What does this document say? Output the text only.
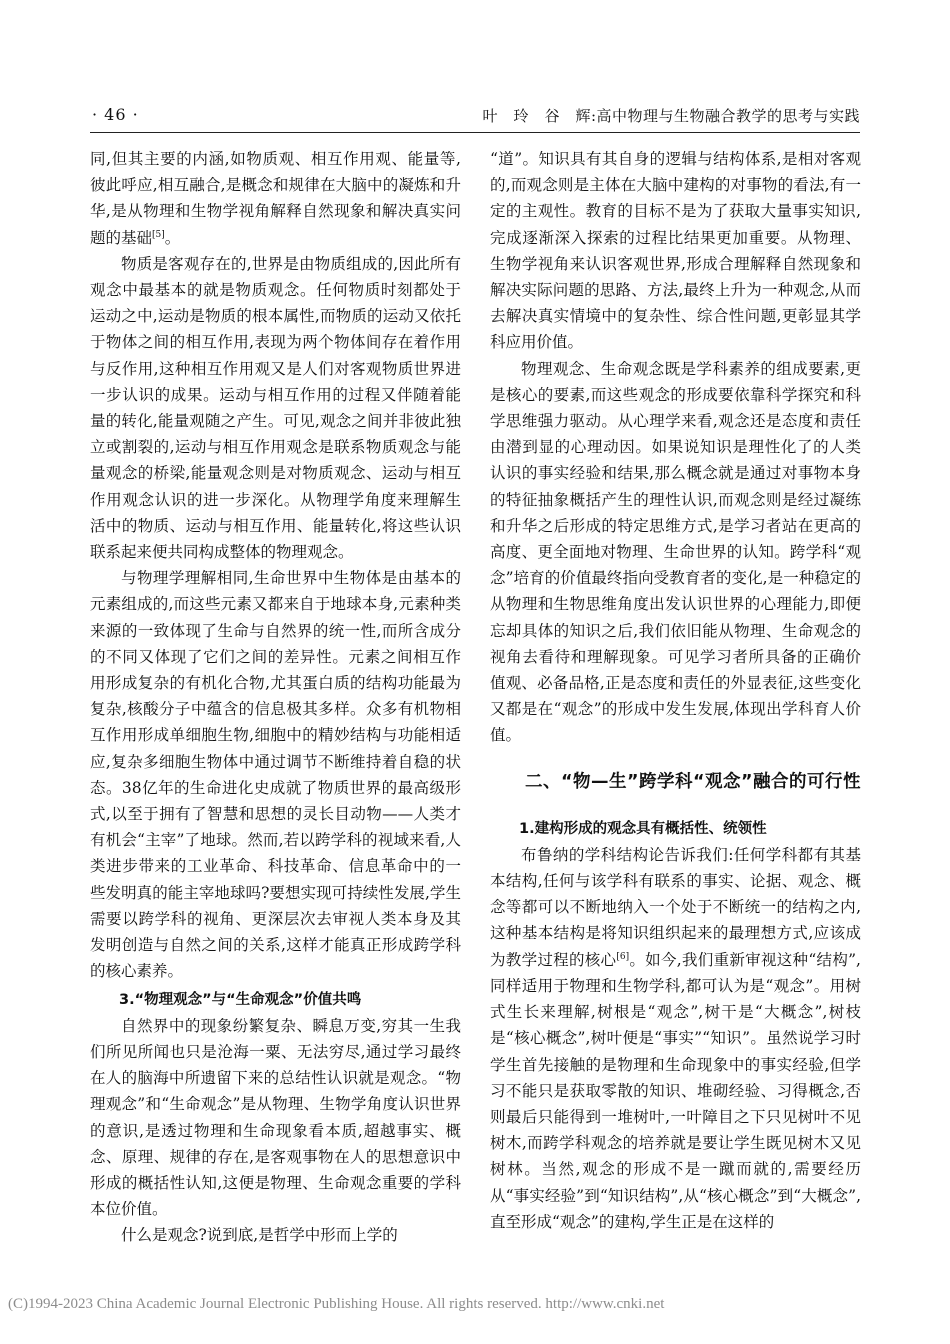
· 46 ·	叶　玲　谷　辉:高中物理与生物融合教学的思考与实践

同,但其主要的内涵,如物质观、相互作用观、能量等,彼此呼应,相互融合,是概念和规律在大脑中的凝炼和升华,是从物理和生物学视角解释自然现象和解决真实问题的基础[5]。

物质是客观存在的,世界是由物质组成的,因此所有观念中最基本的就是物质观念。任何物质时刻都处于运动之中,运动是物质的根本属性,而物质的运动又依托于物体之间的相互作用,表现为两个物体间存在着作用与反作用,这种相互作用观又是人们对客观物质世界进一步认识的成果。运动与相互作用的过程又伴随着能量的转化,能量观随之产生。可见,观念之间并非彼此独立或割裂的,运动与相互作用观念是联系物质观念与能量观念的桥梁,能量观念则是对物质观念、运动与相互作用观念认识的进一步深化。从物理学角度来理解生活中的物质、运动与相互作用、能量转化,将这些认识联系起来便共同构成整体的物理观念。

与物理学理解相同,生命世界中生物体是由基本的元素组成的,而这些元素又都来自于地球本身,元素种类来源的一致体现了生命与自然界的统一性,而所含成分的不同又体现了它们之间的差异性。元素之间相互作用形成复杂的有机化合物,尤其蛋白质的结构功能最为复杂,核酸分子中蕴含的信息极其多样。众多有机物相互作用形成单细胞生物,细胞中的精妙结构与功能相适应,复杂多细胞生物体中通过调节不断维持着自稳的状态。38亿年的生命进化史成就了物质世界的最高级形式,以至于拥有了智慧和思想的灵长目动物——人类才有机会“主宰”了地球。然而,若以跨学科的视域来看,人类进步带来的工业革命、科技革命、信息革命中的一些发明真的能主宰地球吗?要想实现可持续性发展,学生需要以跨学科的视角、更深层次去审视人类本身及其发明创造与自然之间的关系,这样才能真正形成跨学科的核心素养。

3.“物理观念”与“生命观念”价值共鸣

自然界中的现象纷繁复杂、瞬息万变,穷其一生我们所见所闻也只是沧海一粟、无法穷尽,通过学习最终在人的脑海中所遗留下来的总结性认识就是观念。“物理观念”和“生命观念”是从物理、生物学角度认识世界的意识,是透过物理和生命现象看本质,超越事实、概念、原理、规律的存在,是客观事物在人的思想意识中形成的概括性认知,这便是物理、生命观念重要的学科本位价值。

什么是观念?说到底,是哲学中形而上学的

“道”。知识具有其自身的逻辑与结构体系,是相对客观的,而观念则是主体在大脑中建构的对事物的看法,有一定的主观性。教育的目标不是为了获取大量事实知识,完成逐渐深入探索的过程比结果更加重要。从物理、生物学视角来认识客观世界,形成合理解释自然现象和解决实际问题的思路、方法,最终上升为一种观念,从而去解决真实情境中的复杂性、综合性问题,更彰显其学科应用价值。

物理观念、生命观念既是学科素养的组成要素,更是核心的要素,而这些观念的形成要依靠科学探究和科学思维强力驱动。从心理学来看,观念还是态度和责任由潜到显的心理动因。如果说知识是理性化了的人类认识的事实经验和结果,那么概念就是通过对事物本身的特征抽象概括产生的理性认识,而观念则是经过凝练和升华之后形成的特定思维方式,是学习者站在更高的高度、更全面地对物理、生命世界的认知。跨学科“观念”培育的价值最终指向受教育者的变化,是一种稳定的从物理和生物思维角度出发认识世界的心理能力,即便忘却具体的知识之后,我们依旧能从物理、生命观念的视角去看待和理解现象。可见学习者所具备的正确价值观、必备品格,正是态度和责任的外显表征,这些变化又都是在“观念”的形成中发生发展,体现出学科育人价值。

二、“物—生”跨学科“观念”融合的可行性

1.建构形成的观念具有概括性、统领性

布鲁纳的学科结构论告诉我们:任何学科都有其基本结构,任何与该学科有联系的事实、论据、观念、概念等都可以不断地纳入一个处于不断统一的结构之内,这种基本结构是将知识组织起来的最理想方式,应该成为教学过程的核心[6]。如今,我们重新审视这种“结构”,同样适用于物理和生物学科,都可认为是“观念”。用树式生长来理解,树根是“观念”,树干是“大概念”,树枝是“核心概念”,树叶便是“事实”“知识”。虽然说学习时学生首先接触的是物理和生命现象中的事实经验,但学习不能只是获取零散的知识、堆砌经验、习得概念,否则最后只能得到一堆树叶,一叶障目之下只见树叶不见树木,而跨学科观念的培养就是要让学生既见树木又见树林。当然,观念的形成不是一蹴而就的,需要经历从“事实经验”到“知识结构”,从“核心概念”到“大概念”,直至形成“观念”的建构,学生正是在这样的

(C)1994-2023 China Academic Journal Electronic Publishing House. All rights reserved. http://www.cnki.net
